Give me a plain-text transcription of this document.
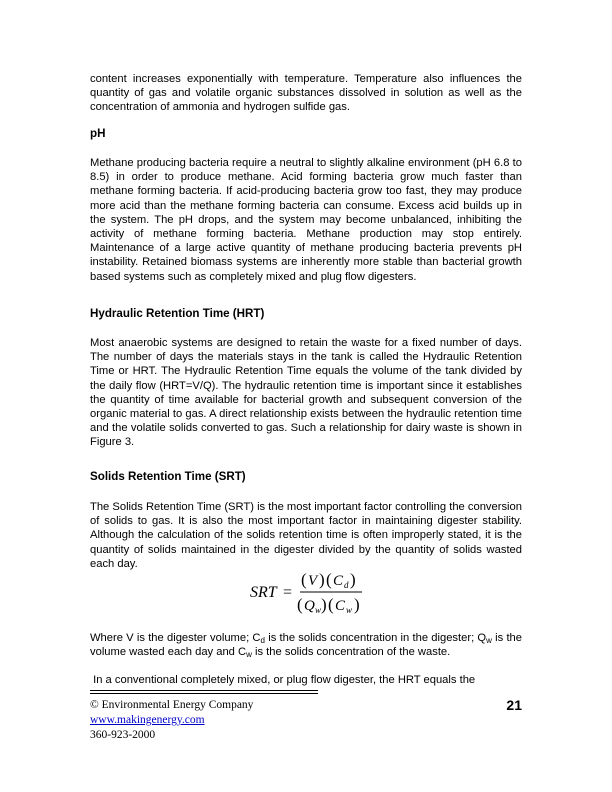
content increases exponentially with temperature. Temperature also influences the quantity of gas and volatile organic substances dissolved in solution as well as the concentration of ammonia and hydrogen sulfide gas.
pH
Methane producing bacteria require a neutral to slightly alkaline environment (pH 6.8 to 8.5) in order to produce methane. Acid forming bacteria grow much faster than methane forming bacteria. If acid-producing bacteria grow too fast, they may produce more acid than the methane forming bacteria can consume. Excess acid builds up in the system. The pH drops, and the system may become unbalanced, inhibiting the activity of methane forming bacteria. Methane production may stop entirely. Maintenance of a large active quantity of methane producing bacteria prevents pH instability. Retained biomass systems are inherently more stable than bacterial growth based systems such as completely mixed and plug flow digesters.
Hydraulic Retention Time (HRT)
Most anaerobic systems are designed to retain the waste for a fixed number of days. The number of days the materials stays in the tank is called the Hydraulic Retention Time or HRT. The Hydraulic Retention Time equals the volume of the tank divided by the daily flow (HRT=V/Q). The hydraulic retention time is important since it establishes the quantity of time available for bacterial growth and subsequent conversion of the organic material to gas. A direct relationship exists between the hydraulic retention time and the volatile solids converted to gas. Such a relationship for dairy waste is shown in Figure 3.
Solids Retention Time (SRT)
The Solids Retention Time (SRT) is the most important factor controlling the conversion of solids to gas. It is also the most important factor in maintaining digester stability. Although the calculation of the solids retention time is often improperly stated, it is the quantity of solids maintained in the digester divided by the quantity of solids wasted each day.
SRT =
( V ) ( C d )
( Q w ) ( C w )
Where V is the digester volume; $C_d$ is the solids concentration in the digester; $Q_w$ is the volume wasted each day and $C_w$ is the solids concentration of the waste.
In a conventional completely mixed, or plug flow digester, the HRT equals the
© Environmental Energy Company
www.makingenergy.com
360-923-2000
21
